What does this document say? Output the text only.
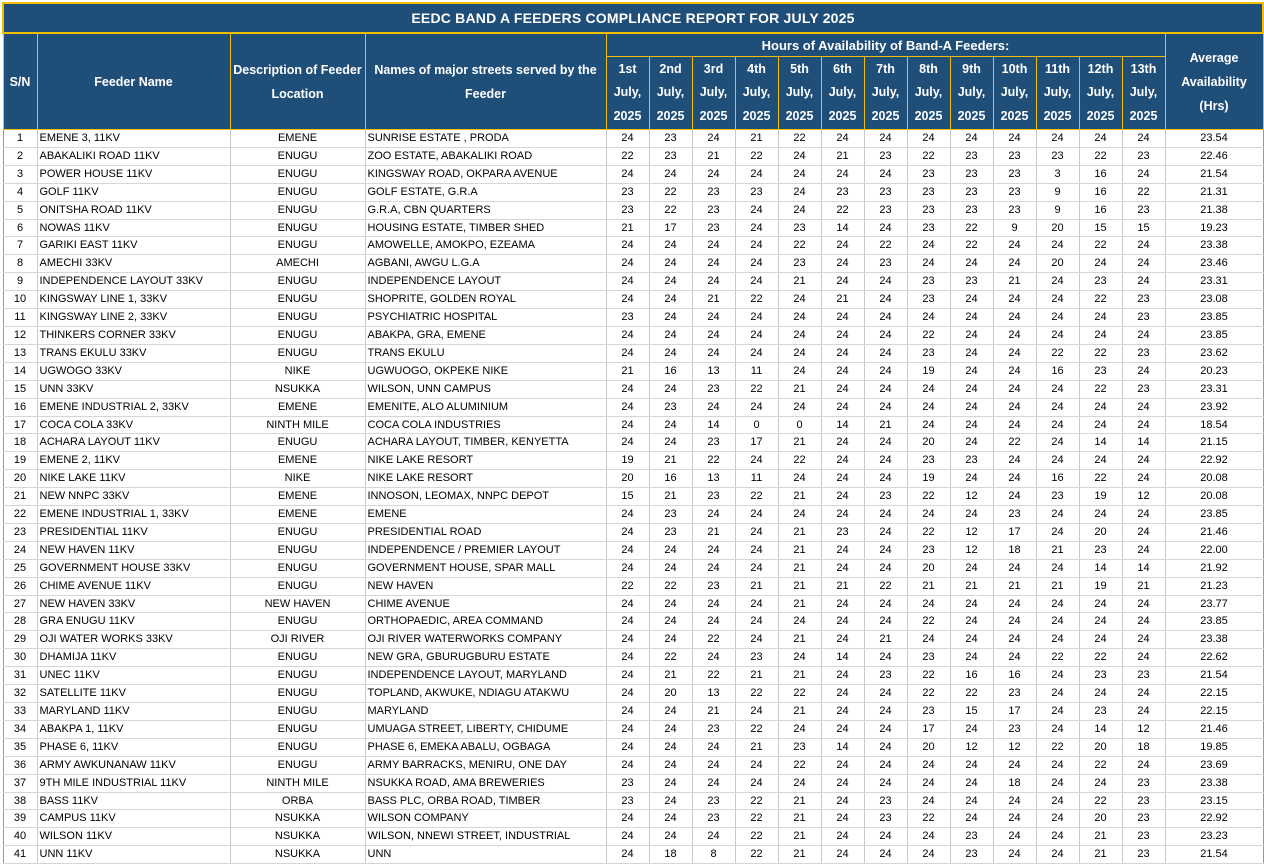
EEDC BAND A FEEDERS COMPLIANCE REPORT FOR JULY 2025																	
S/N	Feeder Name	Description of Feeder Location	Names of major streets served by the Feeder	Hours of Availability of Band-A Feeders:													Average Availability (Hrs)
				1st July, 2025	2nd July, 2025	3rd July, 2025	4th July, 2025	5th July, 2025	6th July, 2025	7th July, 2025	8th July, 2025	9th July, 2025	10th July, 2025	11th July, 2025	12th July, 2025	13th July, 2025	
1	EMENE 3, 11KV	EMENE	SUNRISE ESTATE , PRODA	24	23	24	21	22	24	24	24	24	24	24	24	24	23.54
2	ABAKALIKI ROAD 11KV	ENUGU	ZOO ESTATE, ABAKALIKI ROAD	22	23	21	22	24	21	23	22	23	23	23	22	23	22.46
3	POWER HOUSE 11KV	ENUGU	KINGSWAY ROAD, OKPARA AVENUE	24	24	24	24	24	24	24	23	23	23	3	16	24	21.54
4	GOLF 11KV	ENUGU	GOLF ESTATE, G.R.A	23	22	23	23	24	23	23	23	23	23	9	16	22	21.31
5	ONITSHA ROAD 11KV	ENUGU	G.R.A, CBN QUARTERS	23	22	23	24	24	22	23	23	23	23	9	16	23	21.38
6	NOWAS 11KV	ENUGU	HOUSING ESTATE, TIMBER SHED	21	17	23	24	23	14	24	23	22	9	20	15	15	19.23
7	GARIKI EAST 11KV	ENUGU	AMOWELLE, AMOKPO, EZEAMA	24	24	24	24	22	24	22	24	22	24	24	22	24	23.38
8	AMECHI 33KV	AMECHI	AGBANI, AWGU L.G.A	24	24	24	24	23	24	23	24	24	24	20	24	24	23.46
9	INDEPENDENCE LAYOUT 33KV	ENUGU	INDEPENDENCE LAYOUT	24	24	24	24	21	24	24	23	23	21	24	23	24	23.31
10	KINGSWAY LINE 1, 33KV	ENUGU	SHOPRITE, GOLDEN ROYAL	24	24	21	22	24	21	24	23	24	24	24	22	23	23.08
11	KINGSWAY LINE 2, 33KV	ENUGU	PSYCHIATRIC HOSPITAL	23	24	24	24	24	24	24	24	24	24	24	24	23	23.85
12	THINKERS CORNER 33KV	ENUGU	ABAKPA, GRA, EMENE	24	24	24	24	24	24	24	22	24	24	24	24	24	23.85
13	TRANS EKULU 33KV	ENUGU	TRANS EKULU	24	24	24	24	24	24	24	23	24	24	22	22	23	23.62
14	UGWOGO 33KV	NIKE	UGWUOGO, OKPEKE NIKE	21	16	13	11	24	24	24	19	24	24	16	23	24	20.23
15	UNN 33KV	NSUKKA	WILSON, UNN CAMPUS	24	24	23	22	21	24	24	24	24	24	24	22	23	23.31
16	EMENE INDUSTRIAL 2, 33KV	EMENE	EMENITE, ALO ALUMINIUM	24	23	24	24	24	24	24	24	24	24	24	24	24	23.92
17	COCA COLA 33KV	NINTH MILE	COCA COLA INDUSTRIES	24	24	14	0	0	14	21	24	24	24	24	24	24	18.54
18	ACHARA LAYOUT 11KV	ENUGU	ACHARA LAYOUT, TIMBER, KENYETTA	24	24	23	17	21	24	24	20	24	22	24	14	14	21.15
19	EMENE 2, 11KV	EMENE	NIKE LAKE RESORT	19	21	22	24	22	24	24	23	23	24	24	24	24	22.92
20	NIKE LAKE 11KV	NIKE	NIKE LAKE RESORT	20	16	13	11	24	24	24	19	24	24	16	22	24	20.08
21	NEW NNPC 33KV	EMENE	INNOSON, LEOMAX, NNPC DEPOT	15	21	23	22	21	24	23	22	12	24	23	19	12	20.08
22	EMENE INDUSTRIAL 1, 33KV	EMENE	EMENE	24	23	24	24	24	24	24	24	24	23	24	24	24	23.85
23	PRESIDENTIAL 11KV	ENUGU	PRESIDENTIAL ROAD	24	23	21	24	21	23	24	22	12	17	24	20	24	21.46
24	NEW HAVEN 11KV	ENUGU	INDEPENDENCE / PREMIER LAYOUT	24	24	24	24	21	24	24	23	12	18	21	23	24	22.00
25	GOVERNMENT HOUSE 33KV	ENUGU	GOVERNMENT HOUSE, SPAR MALL	24	24	24	24	21	24	24	20	24	24	24	14	14	21.92
26	CHIME AVENUE 11KV	ENUGU	NEW HAVEN	22	22	23	21	21	21	22	21	21	21	21	19	21	21.23
27	NEW HAVEN 33KV	NEW HAVEN	CHIME AVENUE	24	24	24	24	21	24	24	24	24	24	24	24	24	23.77
28	GRA ENUGU 11KV	ENUGU	ORTHOPAEDIC, AREA COMMAND	24	24	24	24	24	24	24	22	24	24	24	24	24	23.85
29	OJI WATER WORKS 33KV	OJI RIVER	OJI RIVER WATERWORKS COMPANY	24	24	22	24	21	24	21	24	24	24	24	24	24	23.38
30	DHAMIJA 11KV	ENUGU	NEW GRA, GBURUGBURU ESTATE	24	22	24	23	24	14	24	23	24	24	22	22	24	22.62
31	UNEC 11KV	ENUGU	INDEPENDENCE LAYOUT, MARYLAND	24	21	22	21	21	24	23	22	16	16	24	23	23	21.54
32	SATELLITE 11KV	ENUGU	TOPLAND, AKWUKE, NDIAGU ATAKWU	24	20	13	22	22	24	24	22	22	23	24	24	24	22.15
33	MARYLAND 11KV	ENUGU	MARYLAND	24	24	21	24	21	24	24	23	15	17	24	23	24	22.15
34	ABAKPA 1, 11KV	ENUGU	UMUAGA STREET, LIBERTY, CHIDUME	24	24	23	22	24	24	24	17	24	23	24	14	12	21.46
35	PHASE 6, 11KV	ENUGU	PHASE 6, EMEKA ABALU, OGBAGA	24	24	24	21	23	14	24	20	12	12	22	20	18	19.85
36	ARMY AWKUNANAW 11KV	ENUGU	ARMY BARRACKS, MENIRU, ONE DAY	24	24	24	24	22	24	24	24	24	24	24	22	24	23.69
37	9TH MILE INDUSTRIAL 11KV	NINTH MILE	NSUKKA ROAD, AMA BREWERIES	23	24	24	24	24	24	24	24	24	18	24	24	23	23.38
38	BASS 11KV	ORBA	BASS PLC, ORBA ROAD, TIMBER	23	24	23	22	21	24	23	24	24	24	24	22	23	23.15
39	CAMPUS 11KV	NSUKKA	WILSON COMPANY	24	24	23	22	21	24	23	22	24	24	24	20	23	22.92
40	WILSON 11KV	NSUKKA	WILSON, NNEWI STREET, INDUSTRIAL	24	24	24	22	21	24	24	24	23	24	24	21	23	23.23
41	UNN 11KV	NSUKKA	UNN	24	18	8	22	21	24	24	24	23	24	24	21	23	21.54
